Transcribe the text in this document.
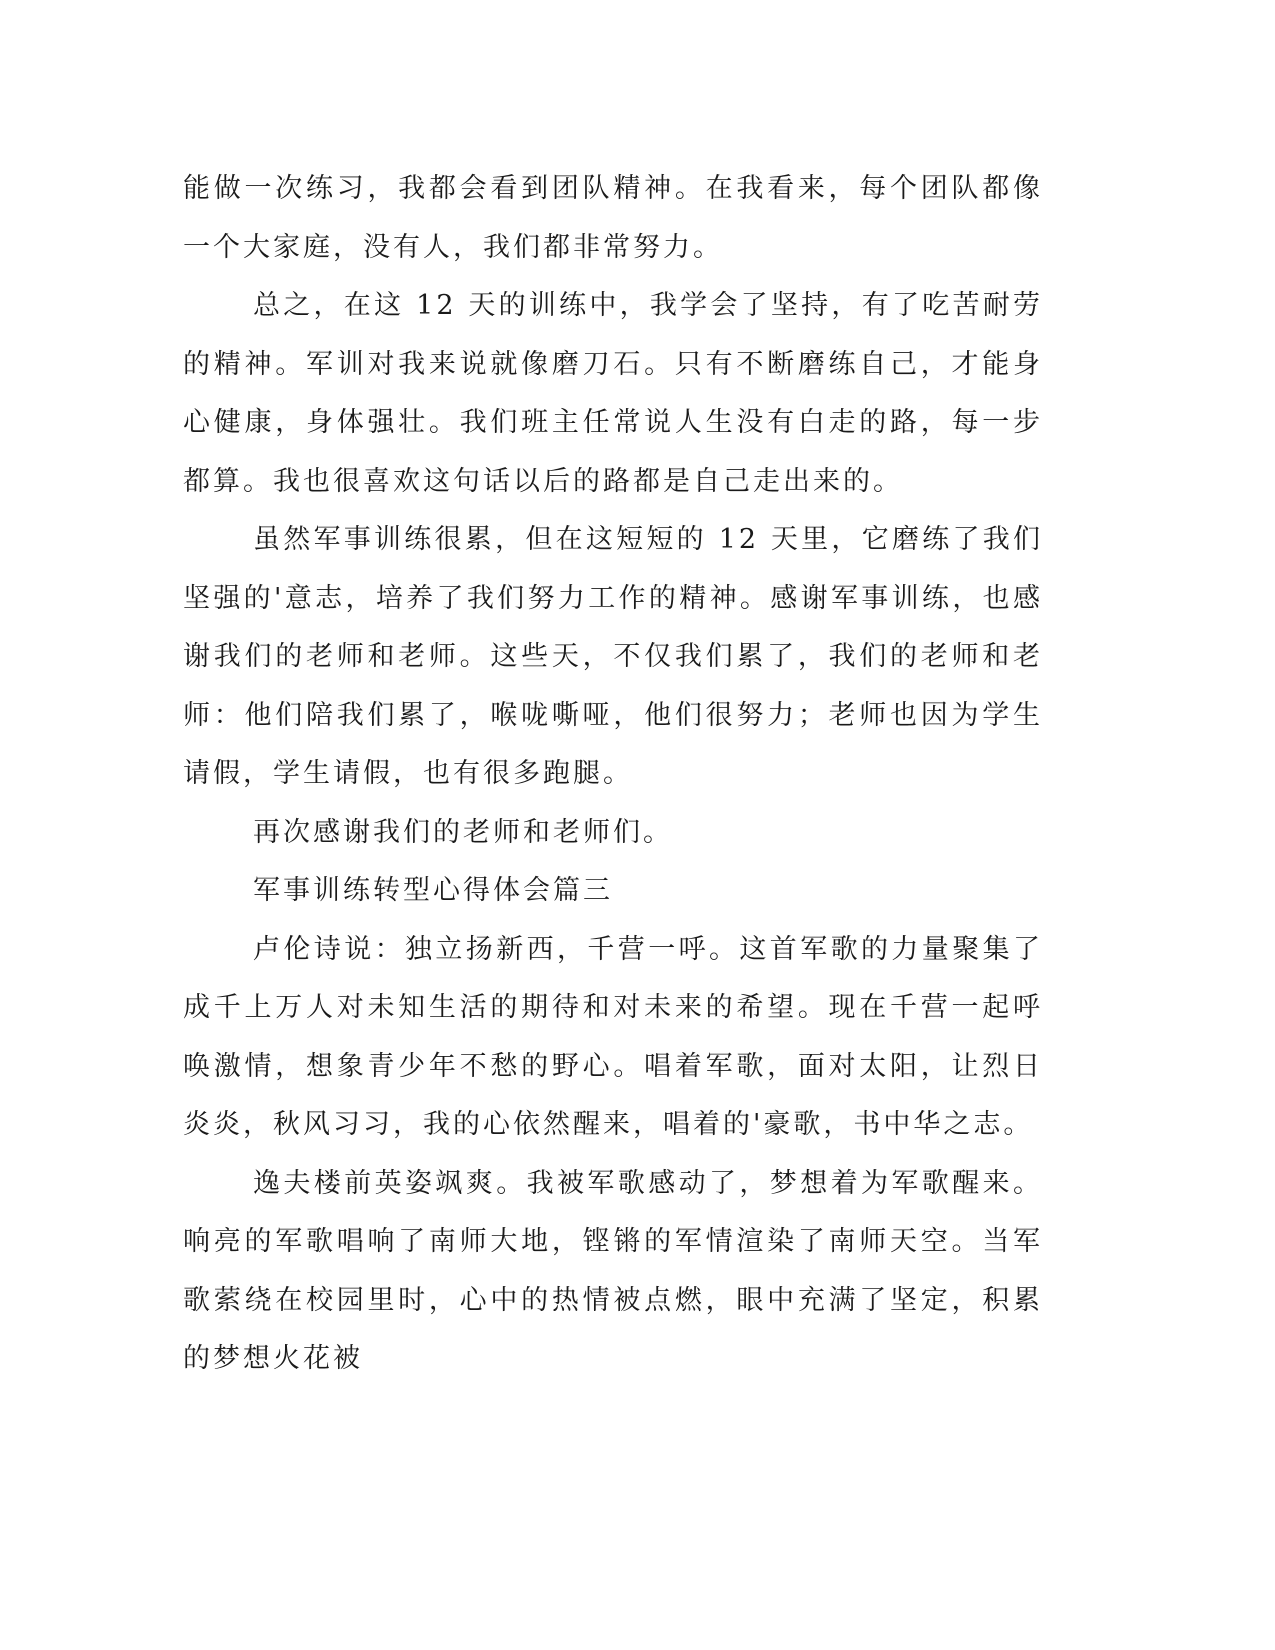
能做一次练习，我都会看到团队精神。在我看来，每个团队都像一个大家庭，没有人，我们都非常努力。

总之，在这 12 天的训练中，我学会了坚持，有了吃苦耐劳的精神。军训对我来说就像磨刀石。只有不断磨练自己，才能身心健康，身体强壮。我们班主任常说人生没有白走的路，每一步都算。我也很喜欢这句话以后的路都是自己走出来的。

虽然军事训练很累，但在这短短的 12 天里，它磨练了我们坚强的'意志，培养了我们努力工作的精神。感谢军事训练，也感谢我们的老师和老师。这些天，不仅我们累了，我们的老师和老师：他们陪我们累了，喉咙嘶哑，他们很努力；老师也因为学生请假，学生请假，也有很多跑腿。

再次感谢我们的老师和老师们。

军事训练转型心得体会篇三

卢伦诗说：独立扬新西，千营一呼。这首军歌的力量聚集了成千上万人对未知生活的期待和对未来的希望。现在千营一起呼唤激情，想象青少年不愁的野心。唱着军歌，面对太阳，让烈日炎炎，秋风习习，我的心依然醒来，唱着的'豪歌，书中华之志。

逸夫楼前英姿飒爽。我被军歌感动了，梦想着为军歌醒来。响亮的军歌唱响了南师大地，铿锵的军情渲染了南师天空。当军歌萦绕在校园里时，心中的热情被点燃，眼中充满了坚定，积累的梦想火花被
